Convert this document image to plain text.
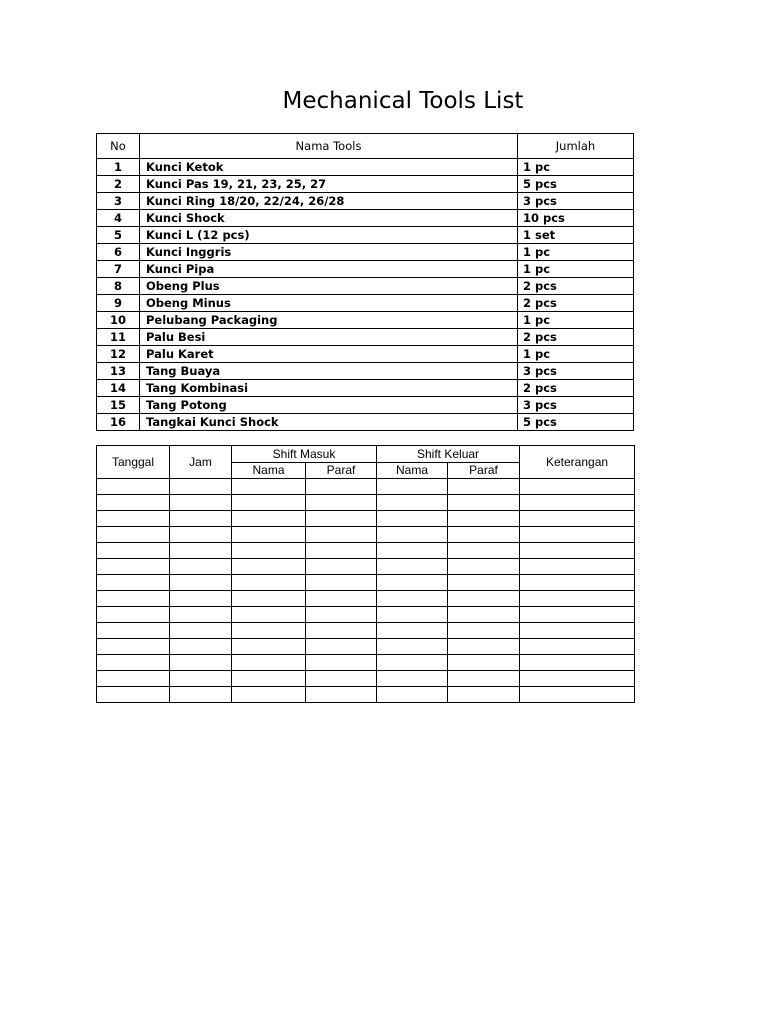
Mechanical Tools List
No	Nama Tools	Jumlah
1	Kunci Ketok	1 pc
2	Kunci Pas 19, 21, 23, 25, 27	5 pcs
3	Kunci Ring 18/20, 22/24, 26/28	3 pcs
4	Kunci Shock	10 pcs
5	Kunci L (12 pcs)	1 set
6	Kunci Inggris	1 pc
7	Kunci Pipa	1 pc
8	Obeng Plus	2 pcs
9	Obeng Minus	2 pcs
10	Pelubang Packaging	1 pc
11	Palu Besi	2 pcs
12	Palu Karet	1 pc
13	Tang Buaya	3 pcs
14	Tang Kombinasi	2 pcs
15	Tang Potong	3 pcs
16	Tangkai Kunci Shock	5 pcs
Tanggal	Jam	Shift Masuk		Shift Keluar		Keterangan
		Nama	Paraf	Nama	Paraf	
